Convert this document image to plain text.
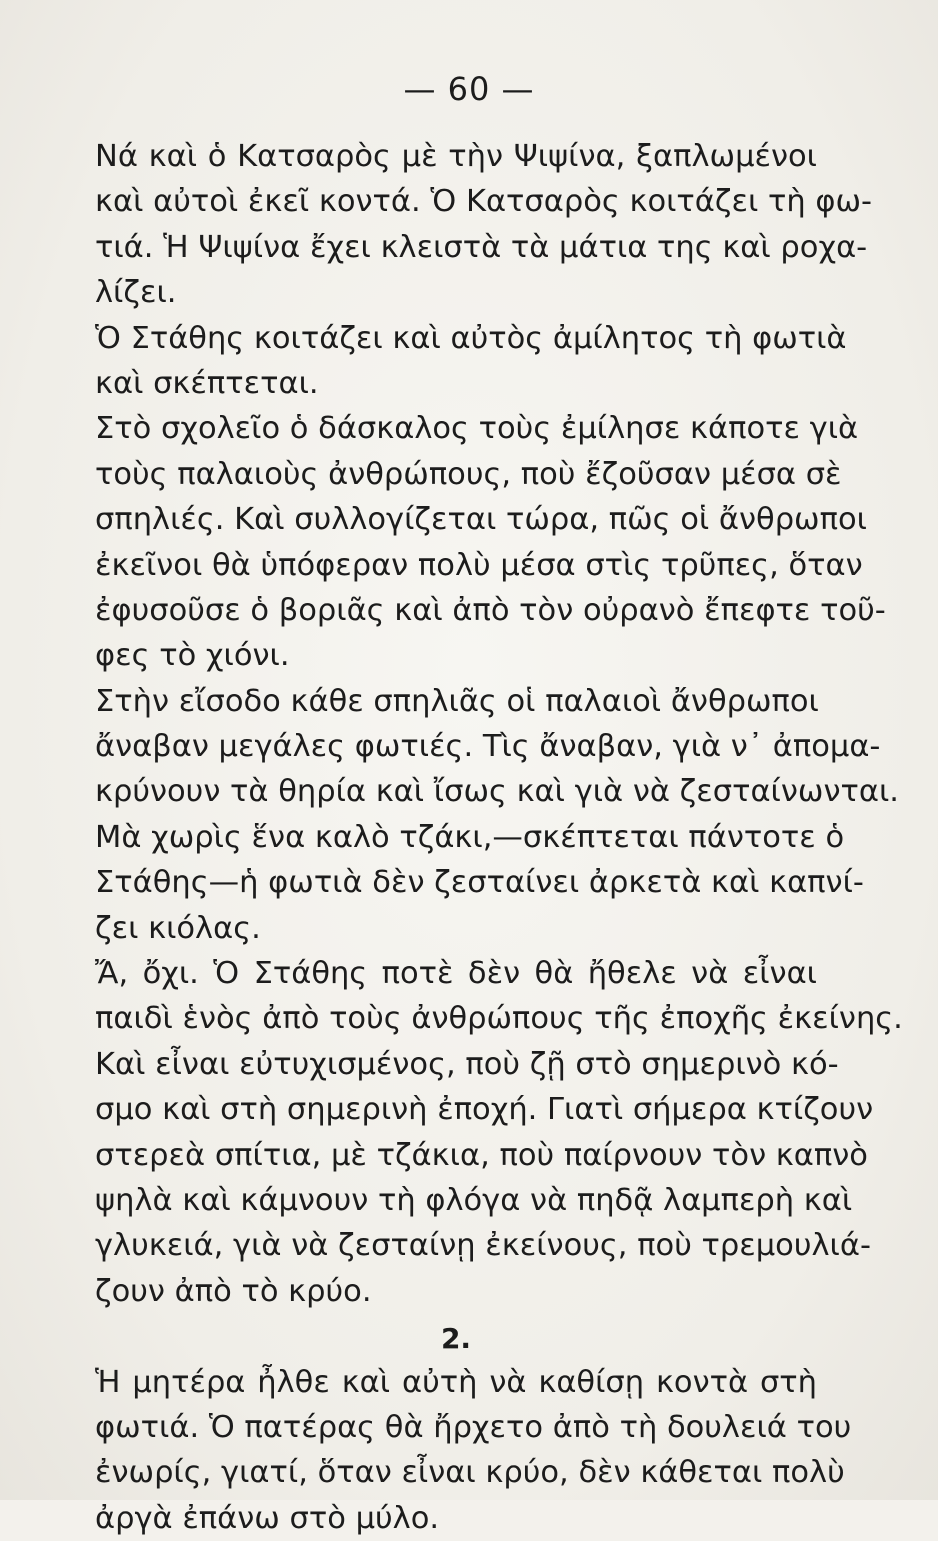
— 60 —
Νά καὶ ὁ Κατσαρὸς μὲ τὴν Ψιψίνα, ξαπλωμένοι
καὶ αὐτοὶ ἐκεῖ κοντά. Ὁ Κατσαρὸς κοιτάζει τὴ φω-
τιά. Ἡ Ψιψίνα ἔχει κλειστὰ τὰ μάτια της καὶ ροχα-
λίζει.
Ὁ Στάθης κοιτάζει καὶ αὐτὸς ἀμίλητος τὴ φωτιὰ
καὶ σκέπτεται.
Στὸ σχολεῖο ὁ δάσκαλος τοὺς ἐμίλησε κάποτε γιὰ
τοὺς παλαιοὺς ἀνθρώπους, ποὺ ἔζοῦσαν μέσα σὲ
σπηλιές. Καὶ συλλογίζεται τώρα, πῶς οἱ ἄνθρωποι
ἐκεῖνοι θὰ ὑπόφεραν πολὺ μέσα στὶς τρῦπες, ὅταν
ἐφυσοῦσε ὁ βοριᾶς καὶ ἀπὸ τὸν οὐρανὸ ἔπεφτε τοῦ-
φες τὸ χιόνι.
Στὴν εἴσοδο κάθε σπηλιᾶς οἱ παλαιοὶ ἄνθρωποι
ἄναβαν μεγάλες φωτιές. Τὶς ἄναβαν, γιὰ ν᾽ ἀπομα-
κρύνουν τὰ θηρία καὶ ἴσως καὶ γιὰ νὰ ζεσταίνωνται.
Μὰ χωρὶς ἕνα καλὸ τζάκι,—σκέπτεται πάντοτε ὁ
Στάθης—ἡ φωτιὰ δὲν ζεσταίνει ἀρκετὰ καὶ καπνί-
ζει κιόλας.
Ἄ, ὄχι. Ὁ Στάθης ποτὲ δὲν θὰ ἤθελε νὰ εἶναι
παιδὶ ἑνὸς ἀπὸ τοὺς ἀνθρώπους τῆς ἐποχῆς ἐκείνης.
Καὶ εἶναι εὐτυχισμένος, ποὺ ζῇ στὸ σημερινὸ κό-
σμο καὶ στὴ σημερινὴ ἐποχή. Γιατὶ σήμερα κτίζουν
στερεὰ σπίτια, μὲ τζάκια, ποὺ παίρνουν τὸν καπνὸ
ψηλὰ καὶ κάμνουν τὴ φλόγα νὰ πηδᾷ λαμπερὴ καὶ
γλυκειά, γιὰ νὰ ζεσταίνῃ ἐκείνους, ποὺ τρεμουλιά-
ζουν ἀπὸ τὸ κρύο.
2.
Ἡ μητέρα ἦλθε καὶ αὐτὴ νὰ καθίσῃ κοντὰ στὴ
φωτιά. Ὁ πατέρας θὰ ἤρχετο ἀπὸ τὴ δουλειά του
ἐνωρίς, γιατί, ὅταν εἶναι κρύο, δὲν κάθεται πολὺ
ἀργὰ ἐπάνω στὸ μύλο.
